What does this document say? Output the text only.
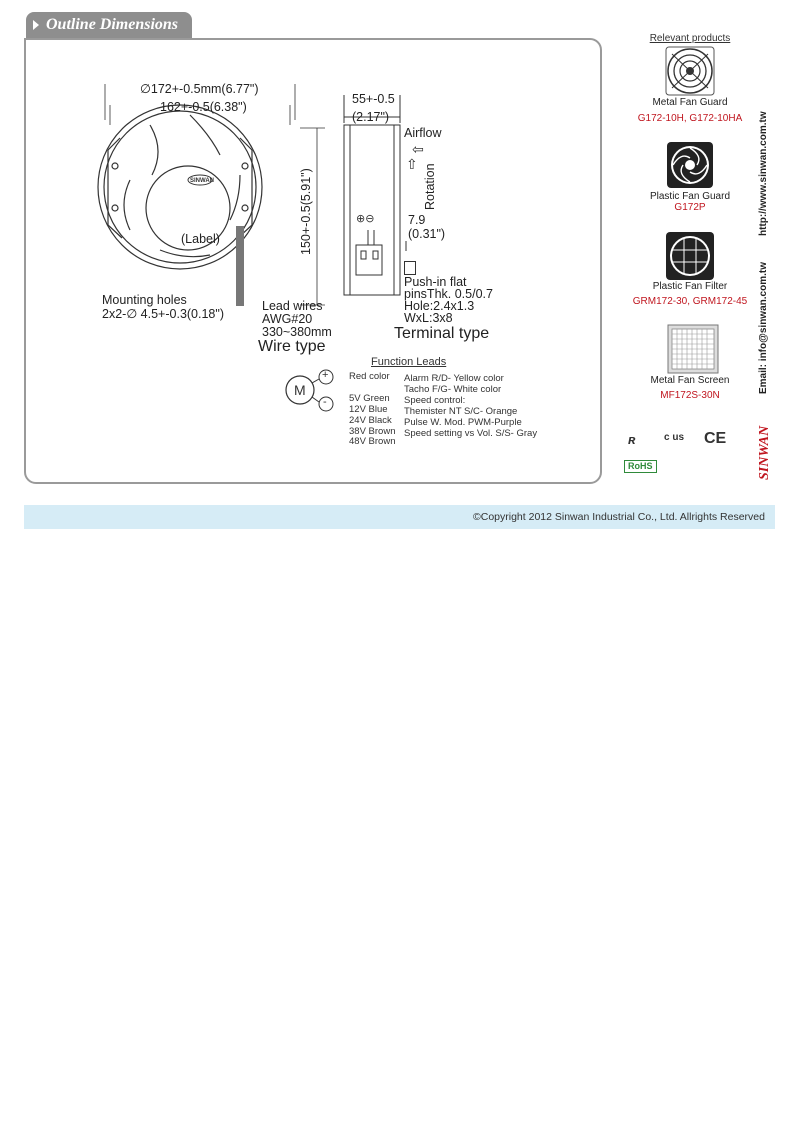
Outline Dimensions
∅172+-0.5mm(6.77")
162+-0.5(6.38")
150+-0.5(5.91")
(Label)
SINWAN
Mounting holes
2x2-∅ 4.5+-0.3(0.18")
Lead wires
AWG#20
330~380mm
Wire type
55+-0.5
(2.17")
Airflow
⇦
⇧ Rotation
⊕⊖	7.9
(0.31")
Push-in flat
pinsThk. 0.5/0.7
Hole:2.4x1.3
WxL:3x8
Terminal type
Function Leads
M
+
-
Red color
5V Green
12V Blue
24V Black
38V Brown
48V Brown
Alarm R/D- Yellow color
Tacho F/G- White color
Speed control:
Themister NT S/C- Orange
Pulse W. Mod. PWM-Purple
Speed setting vs Vol. S/S- Gray
Relevant products
Metal Fan Guard
G172-10H, G172-10HA
Plastic Fan Guard
G172P
Plastic Fan Filter
GRM172-30, GRM172-45
Metal Fan Screen
MF172S-30N
ʀ	c us CE
RoHS
http://www.sinwan.com.tw
Email: info@sinwan.com.tw
SINWAN
©Copyright 2012 Sinwan Industrial Co., Ltd. Allrights Reserved
